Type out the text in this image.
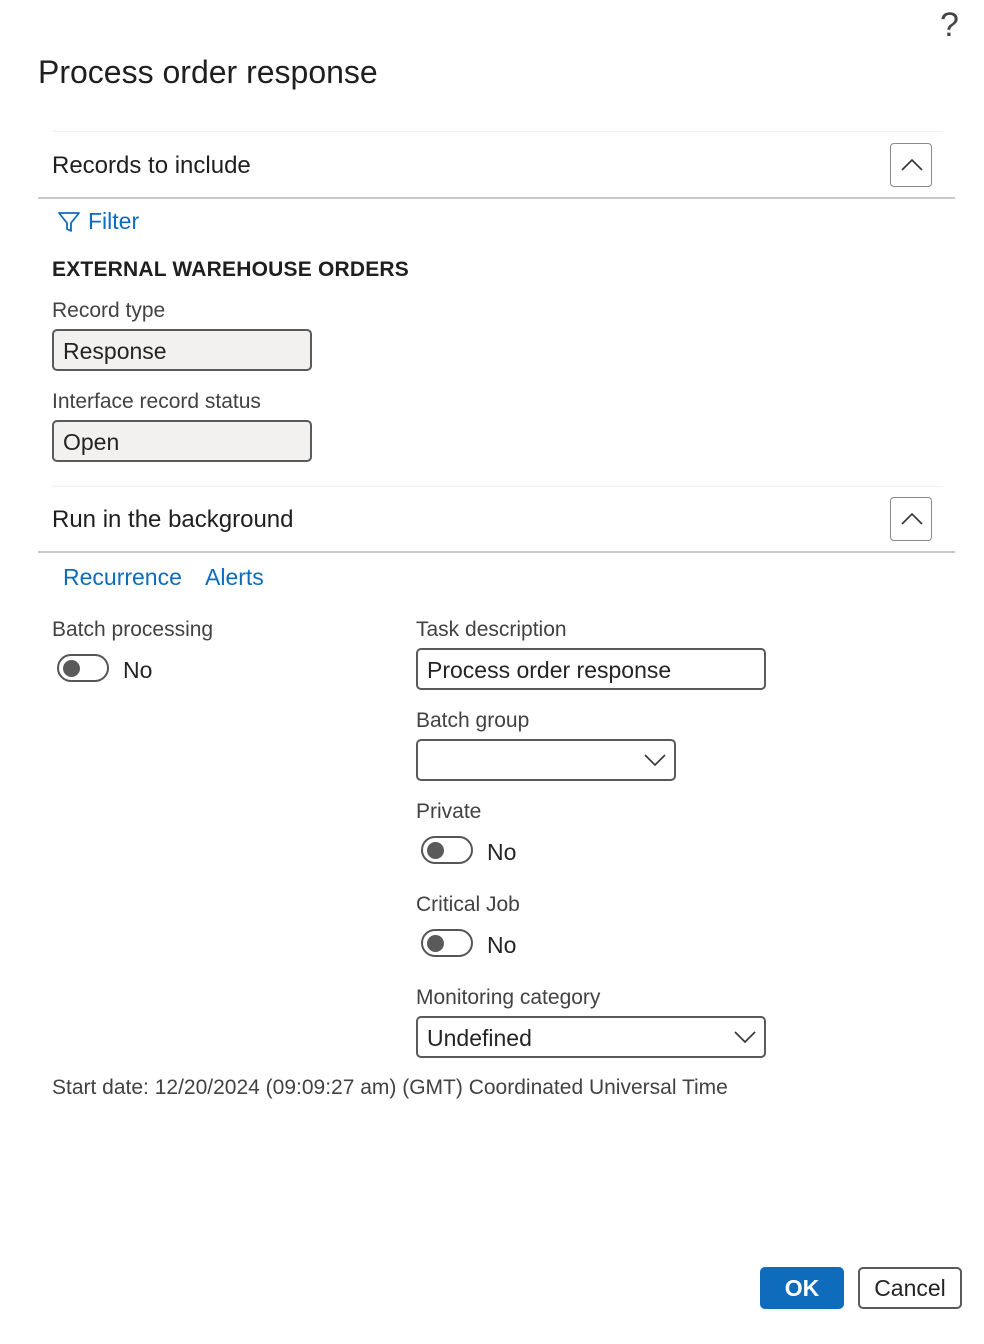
?
Process order response
Records to include
Filter
EXTERNAL WAREHOUSE ORDERS
Record type
Response
Interface record status
Open
Run in the background
Recurrence Alerts
Batch processing
No
Task description
Process order response
Batch group
Private
No
Critical Job
No
Monitoring category
Undefined
Start date: 12/20/2024 (09:09:27 am) (GMT) Coordinated Universal Time
OK	Cancel
